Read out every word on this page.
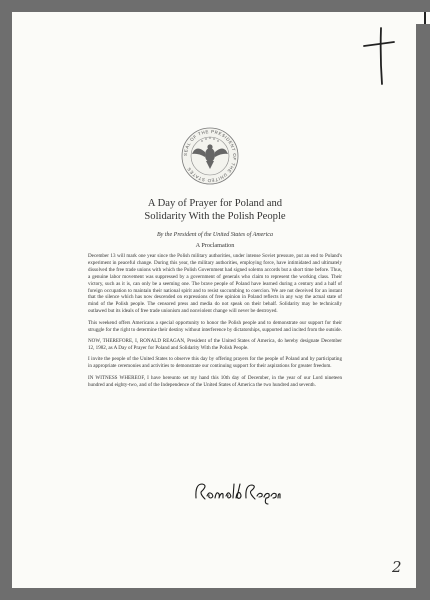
SEAL OF THE PRESIDENT OF THE UNITED STATES
A Day of Prayer for Poland and
Solidarity With the Polish People
By the President of the United States of America
A Proclamation

December 13 will mark one year since the Polish military authorities, under intense Soviet pressure, put an end to Poland's experiment in peaceful change. During this year, the military authorities, employing force, have intimidated and ultimately dissolved the free trade unions with which the Polish Government had signed solemn accords but a short time before. Thus, a genuine labor movement was suppressed by a government of generals who claim to represent the working class. Their victory, such as it is, can only be a seeming one. The brave people of Poland have learned during a century and a half of foreign occupation to maintain their national spirit and to resist succumbing to coercion. We are not deceived for an instant that the silence which has now descended on expressions of free opinion in Poland reflects in any way the actual state of mind of the Polish people. The censored press and media do not speak on their behalf. Solidarity may be technically outlawed but its ideals of free trade unionism and nonviolent change will never be destroyed.

This weekend offers Americans a special opportunity to honor the Polish people and to demonstrate our support for their struggle for the right to determine their destiny without interference by dictatorships, supported and incited from the outside.

NOW, THEREFORE, I, RONALD REAGAN, President of the United States of America, do hereby designate December 12, 1982, as A Day of Prayer for Poland and Solidarity With the Polish People.

I invite the people of the United States to observe this day by offering prayers for the people of Poland and by participating in appropriate ceremonies and activities to demonstrate our continuing support for their aspirations for greater freedom.

IN WITNESS WHEREOF, I have hereunto set my hand this 10th day of December, in the year of our Lord nineteen hundred and eighty-two, and of the Independence of the United States of America the two hundred and seventh.

2
